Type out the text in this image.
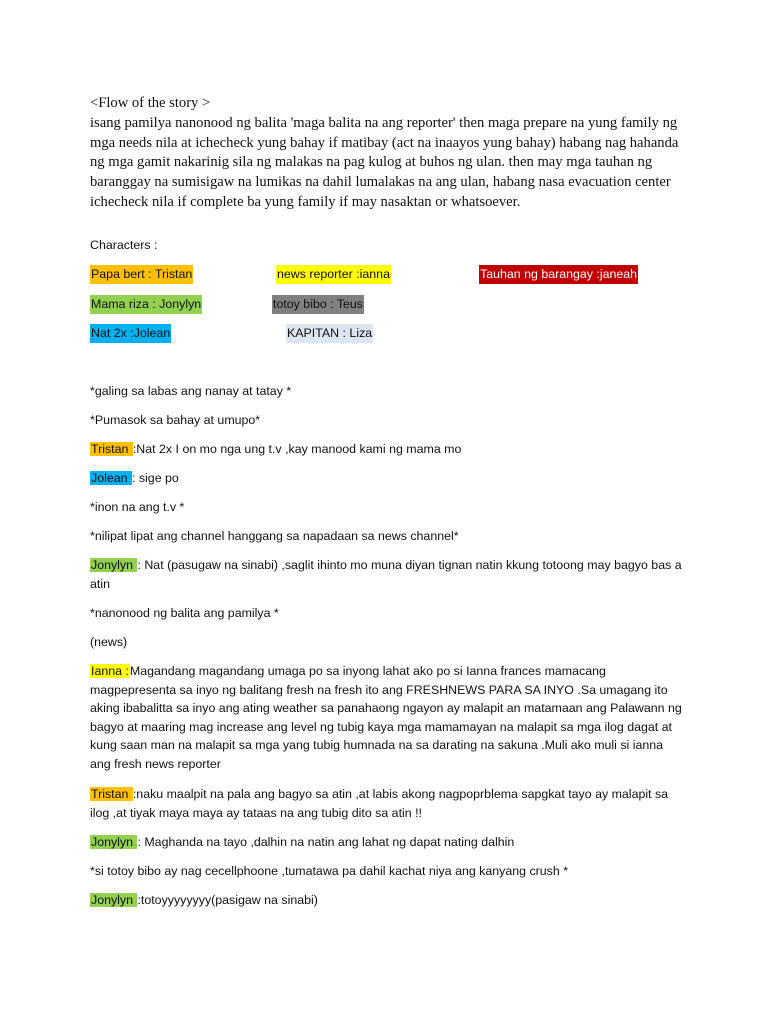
<Flow of the story >
isang pamilya nanonood ng balita 'maga balita na ang reporter' then maga prepare na yung family ng mga needs nila at ichecheck yung bahay if matibay (act na inaayos yung bahay) habang nag hahanda ng mga gamit nakarinig sila ng malakas na pag kulog at buhos ng ulan. then may mga tauhan ng baranggay na sumisigaw na lumikas na dahil lumalakas na ang ulan, habang nasa evacuation center ichecheck nila if complete ba yung family if may nasaktan or whatsoever.
Characters :
Papa bert : Tristan	news reporter :ianna	Tauhan ng barangay :janeah
Mama riza : Jonylyn	totoy bibo : Teus
Nat 2x :Jolean	KAPITAN : Liza
*galing sa labas ang nanay at tatay *
*Pumasok sa bahay at umupo*
Tristan :Nat 2x I on mo nga ung t.v ,kay manood kami ng mama mo
Jolean : sige po
*inon na ang t.v *
*nilipat lipat ang channel hanggang sa napadaan sa news channel*
Jonylyn : Nat (pasugaw na sinabi) ,saglit ihinto mo muna diyan tignan natin kkung totoong may bagyo bas a atin
*nanonood ng balita ang pamilya *
(news)
Ianna :Magandang magandang umaga po sa inyong lahat ako po si Ianna frances mamacang magpepresenta sa inyo ng balitang fresh na fresh ito ang FRESHNEWS PARA SA INYO .Sa umagang ito aking ibabalitta sa inyo ang ating weather sa panahaong ngayon ay malapit an matamaan ang Palawann ng bagyo at maaring mag increase ang level ng tubig kaya mga mamamayan na malapit sa mga ilog dagat at kung saan man na malapit sa mga yang tubig humnada na sa darating na sakuna .Muli ako muli si ianna ang fresh news reporter
Tristan :naku maalpit na pala ang bagyo sa atin ,at labis akong nagpoprblema sapgkat tayo ay malapit sa ilog ,at tiyak maya maya ay tataas na ang tubig dito sa atin !!
Jonylyn : Maghanda na tayo ,dalhin na natin ang lahat ng dapat nating dalhin
*si totoy bibo ay nag cecellphoone ,tumatawa pa dahil kachat niya ang kanyang crush *
Jonylyn :totoyyyyyyyy(pasigaw na sinabi)
